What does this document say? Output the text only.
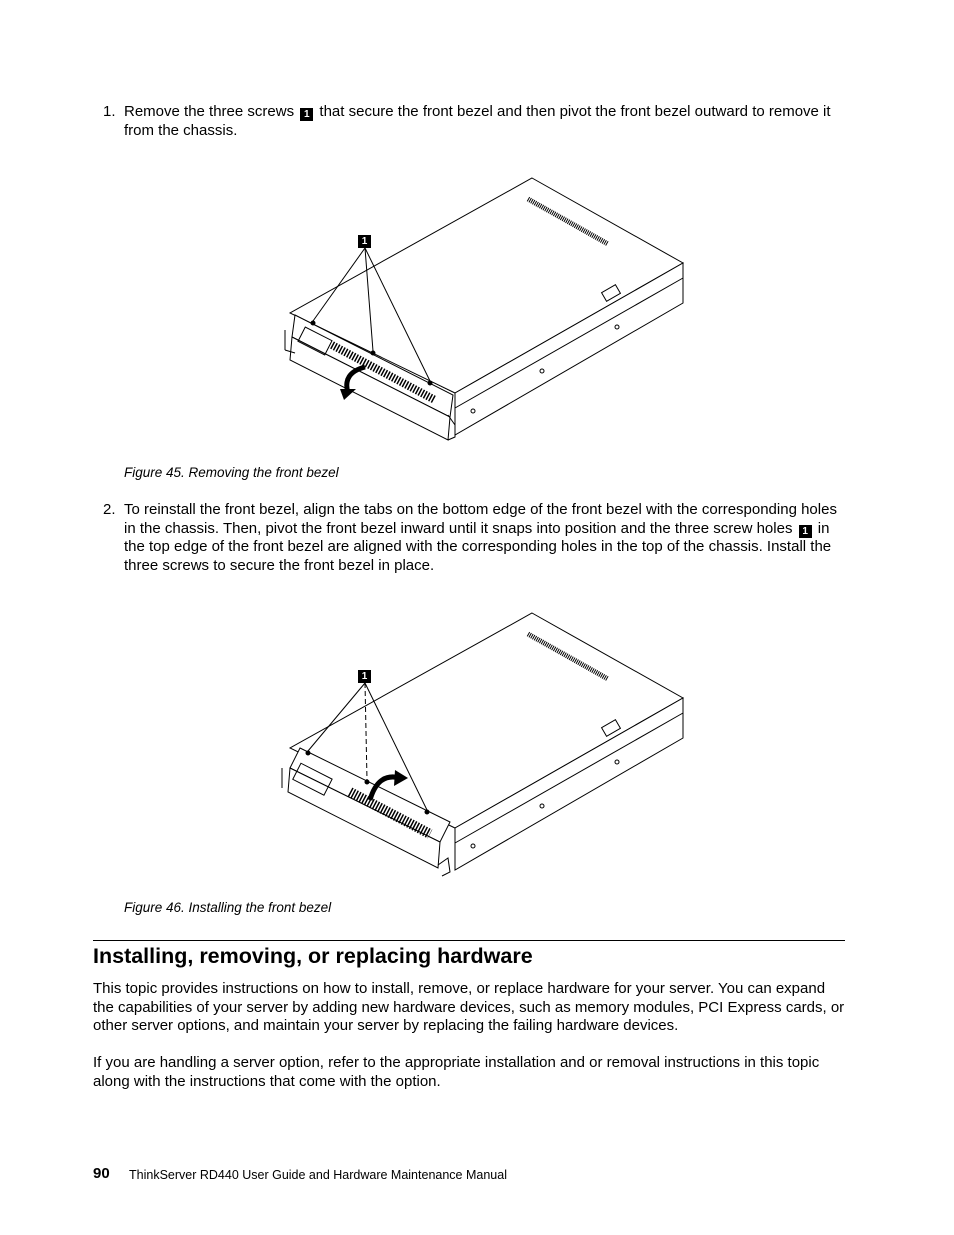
1. Remove the three screws 1 that secure the front bezel and then pivot the front bezel outward to remove it from the chassis.
1
Figure 45. Removing the front bezel
2. To reinstall the front bezel, align the tabs on the bottom edge of the front bezel with the corresponding holes in the chassis. Then, pivot the front bezel inward until it snaps into position and the three screw holes 1 in the top edge of the front bezel are aligned with the corresponding holes in the top of the chassis. Install the three screws to secure the front bezel in place.
1
Figure 46. Installing the front bezel
Installing, removing, or replacing hardware

This topic provides instructions on how to install, remove, or replace hardware for your server. You can expand the capabilities of your server by adding new hardware devices, such as memory modules, PCI Express cards, or other server options, and maintain your server by replacing the failing hardware devices.

If you are handling a server option, refer to the appropriate installation and or removal instructions in this topic along with the instructions that come with the option.

90 ThinkServer RD440 User Guide and Hardware Maintenance Manual
